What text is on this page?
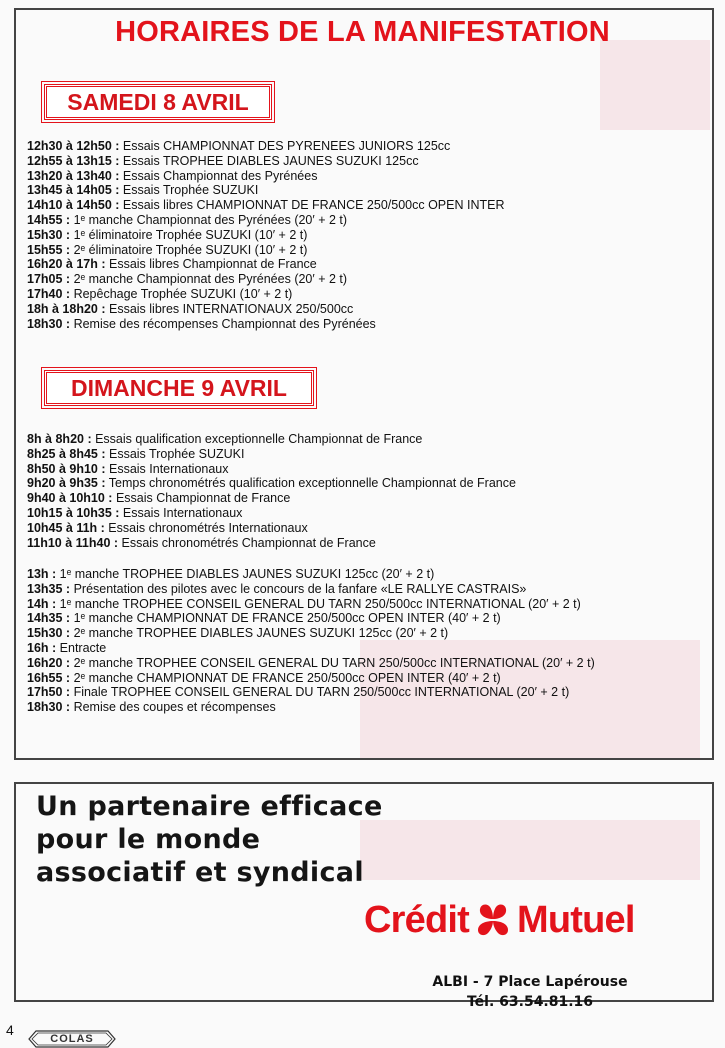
HORAIRES DE LA MANIFESTATION
SAMEDI 8 AVRIL
12h30 à 12h50 : Essais CHAMPIONNAT DES PYRENEES JUNIORS 125cc
12h55 à 13h15 : Essais TROPHEE DIABLES JAUNES SUZUKI 125cc
13h20 à 13h40 : Essais Championnat des Pyrénées
13h45 à 14h05 : Essais Trophée SUZUKI
14h10 à 14h50 : Essais libres CHAMPIONNAT DE FRANCE 250/500cc OPEN INTER
14h55 : 1ᵉ manche Championnat des Pyrénées (20′ + 2 t)
15h30 : 1ᵉ éliminatoire Trophée SUZUKI (10′ + 2 t)
15h55 : 2ᵉ éliminatoire Trophée SUZUKI (10′ + 2 t)
16h20 à 17h : Essais libres Championnat de France
17h05 : 2ᵉ manche Championnat des Pyrénées (20′ + 2 t)
17h40 : Repêchage Trophée SUZUKI (10′ + 2 t)
18h à 18h20 : Essais libres INTERNATIONAUX 250/500cc
18h30 : Remise des récompenses Championnat des Pyrénées
DIMANCHE 9 AVRIL
8h à 8h20 : Essais qualification exceptionnelle Championnat de France
8h25 à 8h45 : Essais Trophée SUZUKI
8h50 à 9h10 : Essais Internationaux
9h20 à 9h35 : Temps chronométrés qualification exceptionnelle Championnat de France
9h40 à 10h10 : Essais Championnat de France
10h15 à 10h35 : Essais Internationaux
10h45 à 11h : Essais chronométrés Internationaux
11h10 à 11h40 : Essais chronométrés Championnat de France
13h : 1ᵉ manche TROPHEE DIABLES JAUNES SUZUKI 125cc (20′ + 2 t)
13h35 : Présentation des pilotes avec le concours de la fanfare «LE RALLYE CASTRAIS»
14h : 1ᵉ manche TROPHEE CONSEIL GENERAL DU TARN 250/500cc INTERNATIONAL (20′ + 2 t)
14h35 : 1ᵉ manche CHAMPIONNAT DE FRANCE 250/500cc OPEN INTER (40′ + 2 t)
15h30 : 2ᵉ manche TROPHEE DIABLES JAUNES SUZUKI 125cc (20′ + 2 t)
16h : Entracte
16h20 : 2ᵉ manche TROPHEE CONSEIL GENERAL DU TARN 250/500cc INTERNATIONAL (20′ + 2 t)
16h55 : 2ᵉ manche CHAMPIONNAT DE FRANCE 250/500cc OPEN INTER (40′ + 2 t)
17h50 : Finale TROPHEE CONSEIL GENERAL DU TARN 250/500cc INTERNATIONAL (20′ + 2 t)
18h30 : Remise des coupes et récompenses
Un partenaire efficace
pour le monde
associatif et syndical
Crédit Mutuel
ALBI - 7 Place Lapérouse
Tél. 63.54.81.16
4
COLAS
